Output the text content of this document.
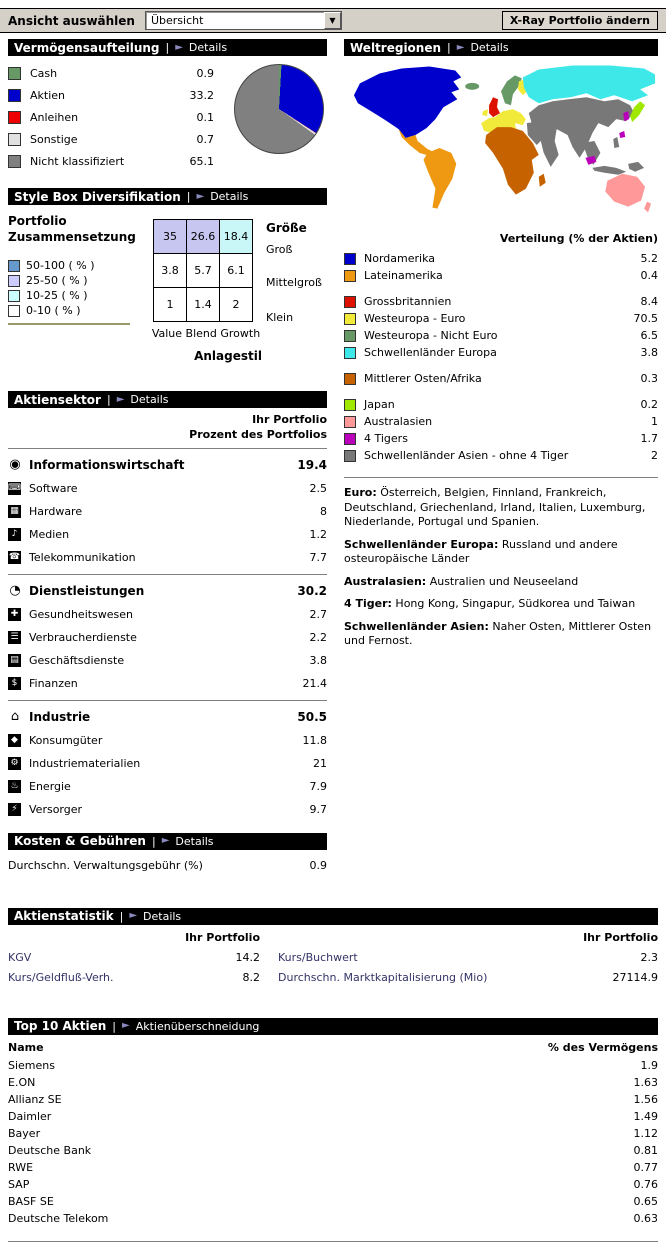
Ansicht auswählen Übersicht	▼	X-Ray Portfolio ändern
Vermögensaufteilung | ► Details
Cash	0.9
Aktien	33.2
Anleihen	0.1
Sonstige	0.7
Nicht klassifiziert	65.1
Style Box Diversifikation | ► Details
Portfolio
Zusammensetzung
50-100 ( % )
25-50 ( % )
10-25 ( % )
0-10 ( % )
35	26.6 18.4
3.8	5.7	6.1
1	1.4	2
Größe
Groß
Mittelgroß
Klein
Value Blend Growth
Anlagestil
Aktiensektor | ► Details
Ihr Portfolio
Prozent des Portfolios
◉ Informationswirtschaft	19.4
⌨ Software	2.5
▦ Hardware	8
♪	Medien	1.2
☎ Telekommunikation	7.7
◔ Dienstleistungen	30.2
✚ Gesundheitswesen	2.7
☰ Verbraucherdienste	2.2
▤ Geschäftsdienste	3.8
$	Finanzen	21.4
⌂ Industrie	50.5
◆ Konsumgüter	11.8
⚙ Industriematerialien	21
♨ Energie	7.9
⚡	Versorger	9.7
Kosten & Gebühren | ► Details
Durchschn. Verwaltungsgebühr (%)	0.9
Weltregionen | ► Details
Verteilung (% der Aktien)
Nordamerika	5.2
Lateinamerika	0.4
Grossbritannien	8.4
Westeuropa - Euro	70.5
Westeuropa - Nicht Euro	6.5
Schwellenländer Europa	3.8
Mittlerer Osten/Afrika	0.3
Japan	0.2
Australasien	1
4 Tigers	1.7
Schwellenländer Asien - ohne 4 Tiger	2

Euro: Österreich, Belgien, Finnland, Frankreich, Deutschland, Griechenland, Irland, Italien, Luxemburg, Niederlande, Portugal und Spanien.

Schwellenländer Europa: Russland und andere osteuropäische Länder

Australasien: Australien und Neuseeland

4 Tiger: Hong Kong, Singapur, Südkorea und Taiwan

Schwellenländer Asien: Naher Osten, Mittlerer Osten und Fernost.

Aktienstatistik | ► Details
Ihr Portfolio
KGV	14.2
Kurs/Geldfluß-Verh.	8.2
Ihr Portfolio
Kurs/Buchwert	2.3
Durchschn. Marktkapitalisierung (Mio)	27114.9
Top 10 Aktien | ► Aktienüberschneidung
Name	% des Vermögens
Siemens	1.9
E.ON	1.63
Allianz SE	1.56
Daimler	1.49
Bayer	1.12
Deutsche Bank	0.81
RWE	0.77
SAP	0.76
BASF SE	0.65
Deutsche Telekom	0.63
